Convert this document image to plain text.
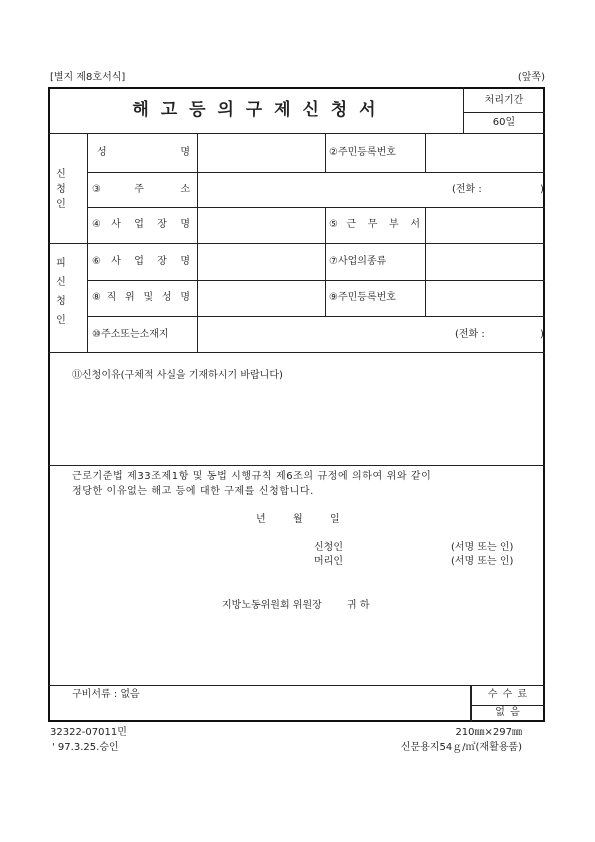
[별지 제8호서식]	(앞쪽)
해 고 등 의 구 제 신 청 서	처리기간
60일
신청인
성 명	②주민등록번호
③주 소	(전화 :	)
④사 업 장 명	⑤근 무 부 서
피신청인
⑥사 업 장 명	⑦사업의종류
⑧직 위 및 성 명	⑨주민등록번호
⑩주소또는소재지	(전화 :	)
⑪신청이유(구체적 사실을 기재하시기 바랍니다)
근로기준법 제33조제1항 및 동법 시행규칙 제6조의 규정에 의하여 위와 같이
정당한 이유없는 해고 등에 대한 구제를 신청합니다.
년	월	일
신청인	(서명 또는 인)
머리인	(서명 또는 인)
지방노동위원회 위원장	귀 하
구비서류 : 없음	수 수 료
없 음
32322-07011민
' 97.3.25.승인
210㎜×297㎜
신문용지54ｇ/㎡(재활용품)
